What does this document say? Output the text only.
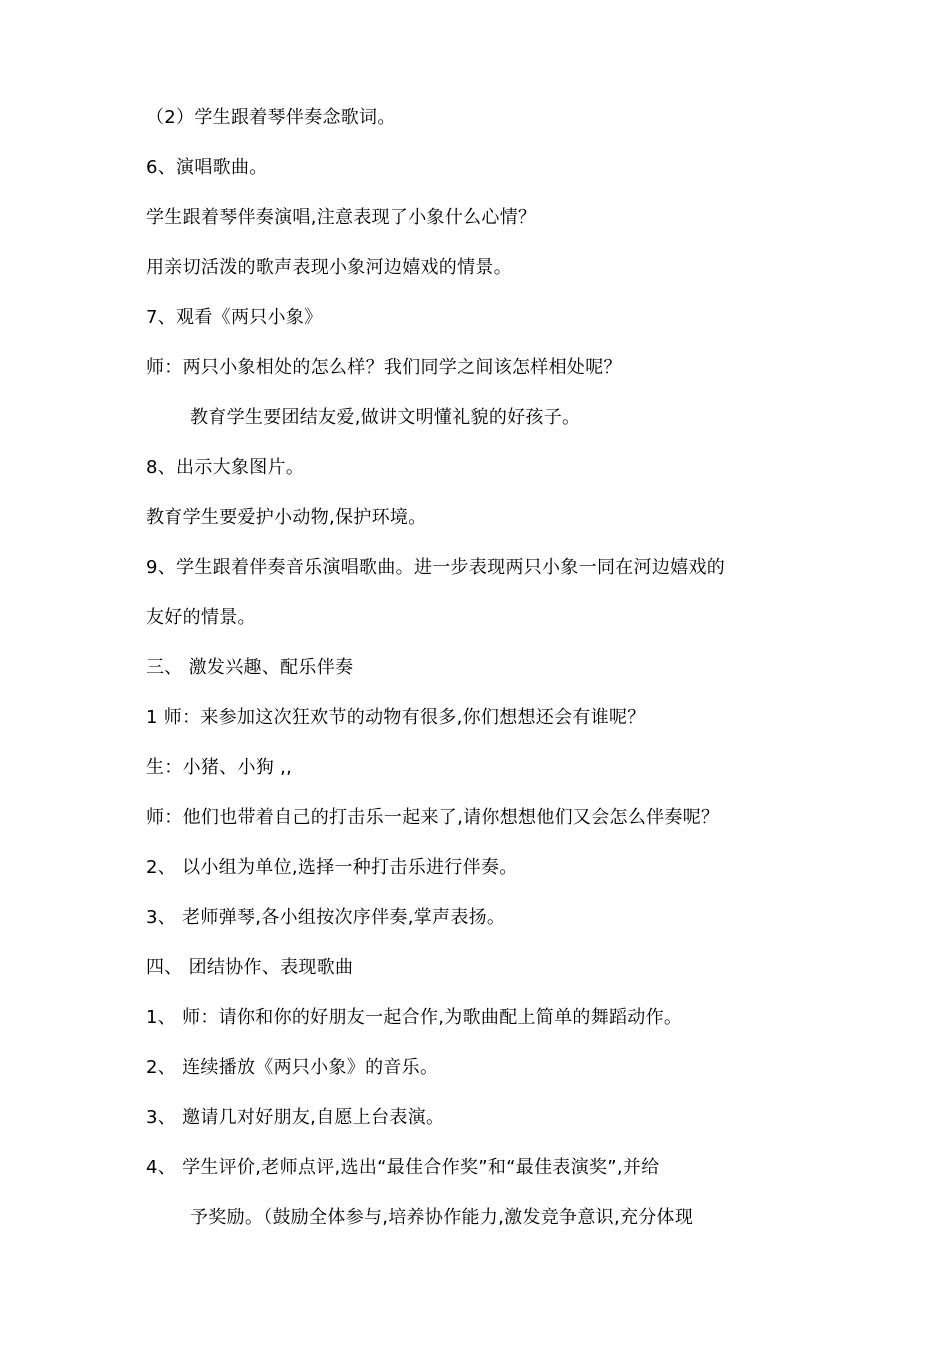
（2）学生跟着琴伴奏念歌词。
6、演唱歌曲。
学生跟着琴伴奏演唱,注意表现了小象什么心情？
用亲切活泼的歌声表现小象河边嬉戏的情景。
7、观看《两只小象》
师：两只小象相处的怎么样？我们同学之间该怎样相处呢？
教育学生要团结友爱,做讲文明懂礼貌的好孩子。
8、出示大象图片。
教育学生要爱护小动物,保护环境。
9、学生跟着伴奏音乐演唱歌曲。进一步表现两只小象一同在河边嬉戏的
友好的情景。
三、 激发兴趣、配乐伴奏
1 师：来参加这次狂欢节的动物有很多,你们想想还会有谁呢？
生：小猪、小狗 ,,
师：他们也带着自己的打击乐一起来了,请你想想他们又会怎么伴奏呢？
2、 以小组为单位,选择一种打击乐进行伴奏。
3、 老师弹琴,各小组按次序伴奏,掌声表扬。
四、 团结协作、表现歌曲
1、 师：请你和你的好朋友一起合作,为歌曲配上简单的舞蹈动作。
2、 连续播放《两只小象》的音乐。
3、 邀请几对好朋友,自愿上台表演。
4、 学生评价,老师点评,选出“最佳合作奖”和“最佳表演奖”,并给
予奖励。（鼓励全体参与,培养协作能力,激发竞争意识,充分体现
